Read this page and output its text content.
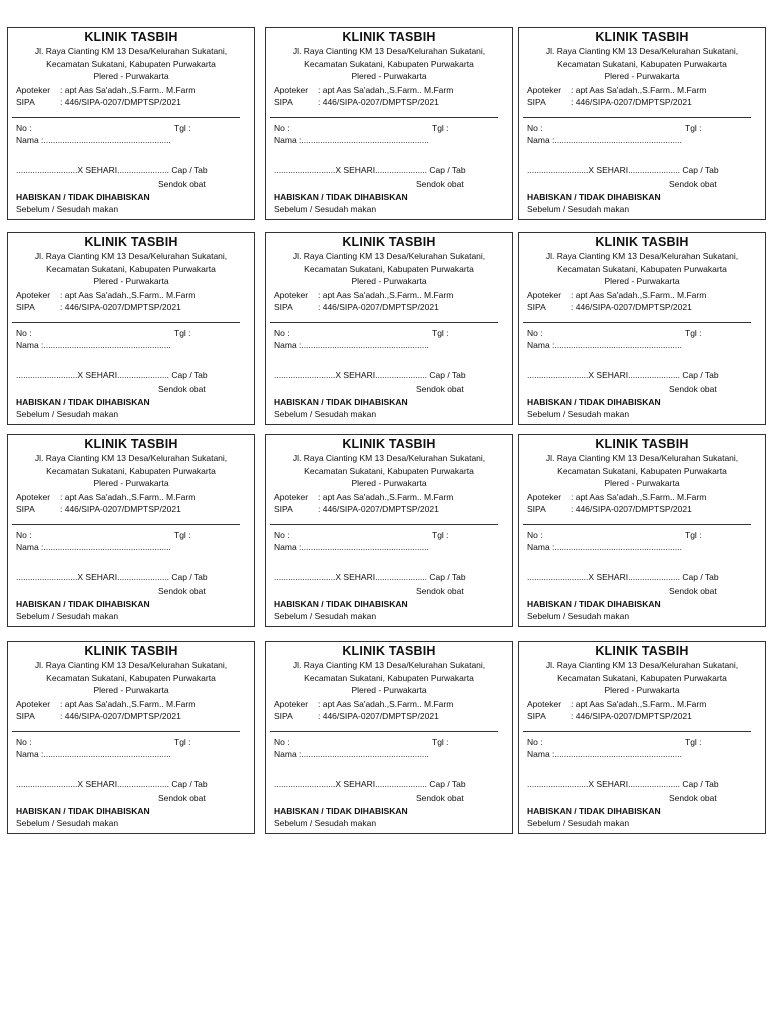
KLINIK TASBIH
Jl. Raya Cianting KM 13 Desa/Kelurahan Sukatani,
Kecamatan Sukatani, Kabupaten Purwakarta
Plered - Purwakarta
Apoteker : apt Aas Sa'adah.,S.Farm.. M.Farm
SIPA	: 446/SIPA-0207/DMPTSP/2021
No :	Tgl :
Nama :......................................................
..........................X SEHARI...................... Cap / Tab
Sendok obat
HABISKAN / TIDAK DIHABISKAN
Sebelum / Sesudah makan
KLINIK TASBIH
Jl. Raya Cianting KM 13 Desa/Kelurahan Sukatani,
Kecamatan Sukatani, Kabupaten Purwakarta
Plered - Purwakarta
Apoteker : apt Aas Sa'adah.,S.Farm.. M.Farm
SIPA	: 446/SIPA-0207/DMPTSP/2021
No :	Tgl :
Nama :......................................................
..........................X SEHARI...................... Cap / Tab
Sendok obat
HABISKAN / TIDAK DIHABISKAN
Sebelum / Sesudah makan
KLINIK TASBIH
Jl. Raya Cianting KM 13 Desa/Kelurahan Sukatani,
Kecamatan Sukatani, Kabupaten Purwakarta
Plered - Purwakarta
Apoteker : apt Aas Sa'adah.,S.Farm.. M.Farm
SIPA	: 446/SIPA-0207/DMPTSP/2021
No :	Tgl :
Nama :......................................................
..........................X SEHARI...................... Cap / Tab
Sendok obat
HABISKAN / TIDAK DIHABISKAN
Sebelum / Sesudah makan
KLINIK TASBIH
Jl. Raya Cianting KM 13 Desa/Kelurahan Sukatani,
Kecamatan Sukatani, Kabupaten Purwakarta
Plered - Purwakarta
Apoteker : apt Aas Sa'adah.,S.Farm.. M.Farm
SIPA	: 446/SIPA-0207/DMPTSP/2021
No :	Tgl :
Nama :......................................................
..........................X SEHARI...................... Cap / Tab
Sendok obat
HABISKAN / TIDAK DIHABISKAN
Sebelum / Sesudah makan
KLINIK TASBIH
Jl. Raya Cianting KM 13 Desa/Kelurahan Sukatani,
Kecamatan Sukatani, Kabupaten Purwakarta
Plered - Purwakarta
Apoteker : apt Aas Sa'adah.,S.Farm.. M.Farm
SIPA	: 446/SIPA-0207/DMPTSP/2021
No :	Tgl :
Nama :......................................................
..........................X SEHARI...................... Cap / Tab
Sendok obat
HABISKAN / TIDAK DIHABISKAN
Sebelum / Sesudah makan
KLINIK TASBIH
Jl. Raya Cianting KM 13 Desa/Kelurahan Sukatani,
Kecamatan Sukatani, Kabupaten Purwakarta
Plered - Purwakarta
Apoteker : apt Aas Sa'adah.,S.Farm.. M.Farm
SIPA	: 446/SIPA-0207/DMPTSP/2021
No :	Tgl :
Nama :......................................................
..........................X SEHARI...................... Cap / Tab
Sendok obat
HABISKAN / TIDAK DIHABISKAN
Sebelum / Sesudah makan
KLINIK TASBIH
Jl. Raya Cianting KM 13 Desa/Kelurahan Sukatani,
Kecamatan Sukatani, Kabupaten Purwakarta
Plered - Purwakarta
Apoteker : apt Aas Sa'adah.,S.Farm.. M.Farm
SIPA	: 446/SIPA-0207/DMPTSP/2021
No :	Tgl :
Nama :......................................................
..........................X SEHARI...................... Cap / Tab
Sendok obat
HABISKAN / TIDAK DIHABISKAN
Sebelum / Sesudah makan
KLINIK TASBIH
Jl. Raya Cianting KM 13 Desa/Kelurahan Sukatani,
Kecamatan Sukatani, Kabupaten Purwakarta
Plered - Purwakarta
Apoteker : apt Aas Sa'adah.,S.Farm.. M.Farm
SIPA	: 446/SIPA-0207/DMPTSP/2021
No :	Tgl :
Nama :......................................................
..........................X SEHARI...................... Cap / Tab
Sendok obat
HABISKAN / TIDAK DIHABISKAN
Sebelum / Sesudah makan
KLINIK TASBIH
Jl. Raya Cianting KM 13 Desa/Kelurahan Sukatani,
Kecamatan Sukatani, Kabupaten Purwakarta
Plered - Purwakarta
Apoteker : apt Aas Sa'adah.,S.Farm.. M.Farm
SIPA	: 446/SIPA-0207/DMPTSP/2021
No :	Tgl :
Nama :......................................................
..........................X SEHARI...................... Cap / Tab
Sendok obat
HABISKAN / TIDAK DIHABISKAN
Sebelum / Sesudah makan
KLINIK TASBIH
Jl. Raya Cianting KM 13 Desa/Kelurahan Sukatani,
Kecamatan Sukatani, Kabupaten Purwakarta
Plered - Purwakarta
Apoteker : apt Aas Sa'adah.,S.Farm.. M.Farm
SIPA	: 446/SIPA-0207/DMPTSP/2021
No :	Tgl :
Nama :......................................................
..........................X SEHARI...................... Cap / Tab
Sendok obat
HABISKAN / TIDAK DIHABISKAN
Sebelum / Sesudah makan
KLINIK TASBIH
Jl. Raya Cianting KM 13 Desa/Kelurahan Sukatani,
Kecamatan Sukatani, Kabupaten Purwakarta
Plered - Purwakarta
Apoteker : apt Aas Sa'adah.,S.Farm.. M.Farm
SIPA	: 446/SIPA-0207/DMPTSP/2021
No :	Tgl :
Nama :......................................................
..........................X SEHARI...................... Cap / Tab
Sendok obat
HABISKAN / TIDAK DIHABISKAN
Sebelum / Sesudah makan
KLINIK TASBIH
Jl. Raya Cianting KM 13 Desa/Kelurahan Sukatani,
Kecamatan Sukatani, Kabupaten Purwakarta
Plered - Purwakarta
Apoteker : apt Aas Sa'adah.,S.Farm.. M.Farm
SIPA	: 446/SIPA-0207/DMPTSP/2021
No :	Tgl :
Nama :......................................................
..........................X SEHARI...................... Cap / Tab
Sendok obat
HABISKAN / TIDAK DIHABISKAN
Sebelum / Sesudah makan
